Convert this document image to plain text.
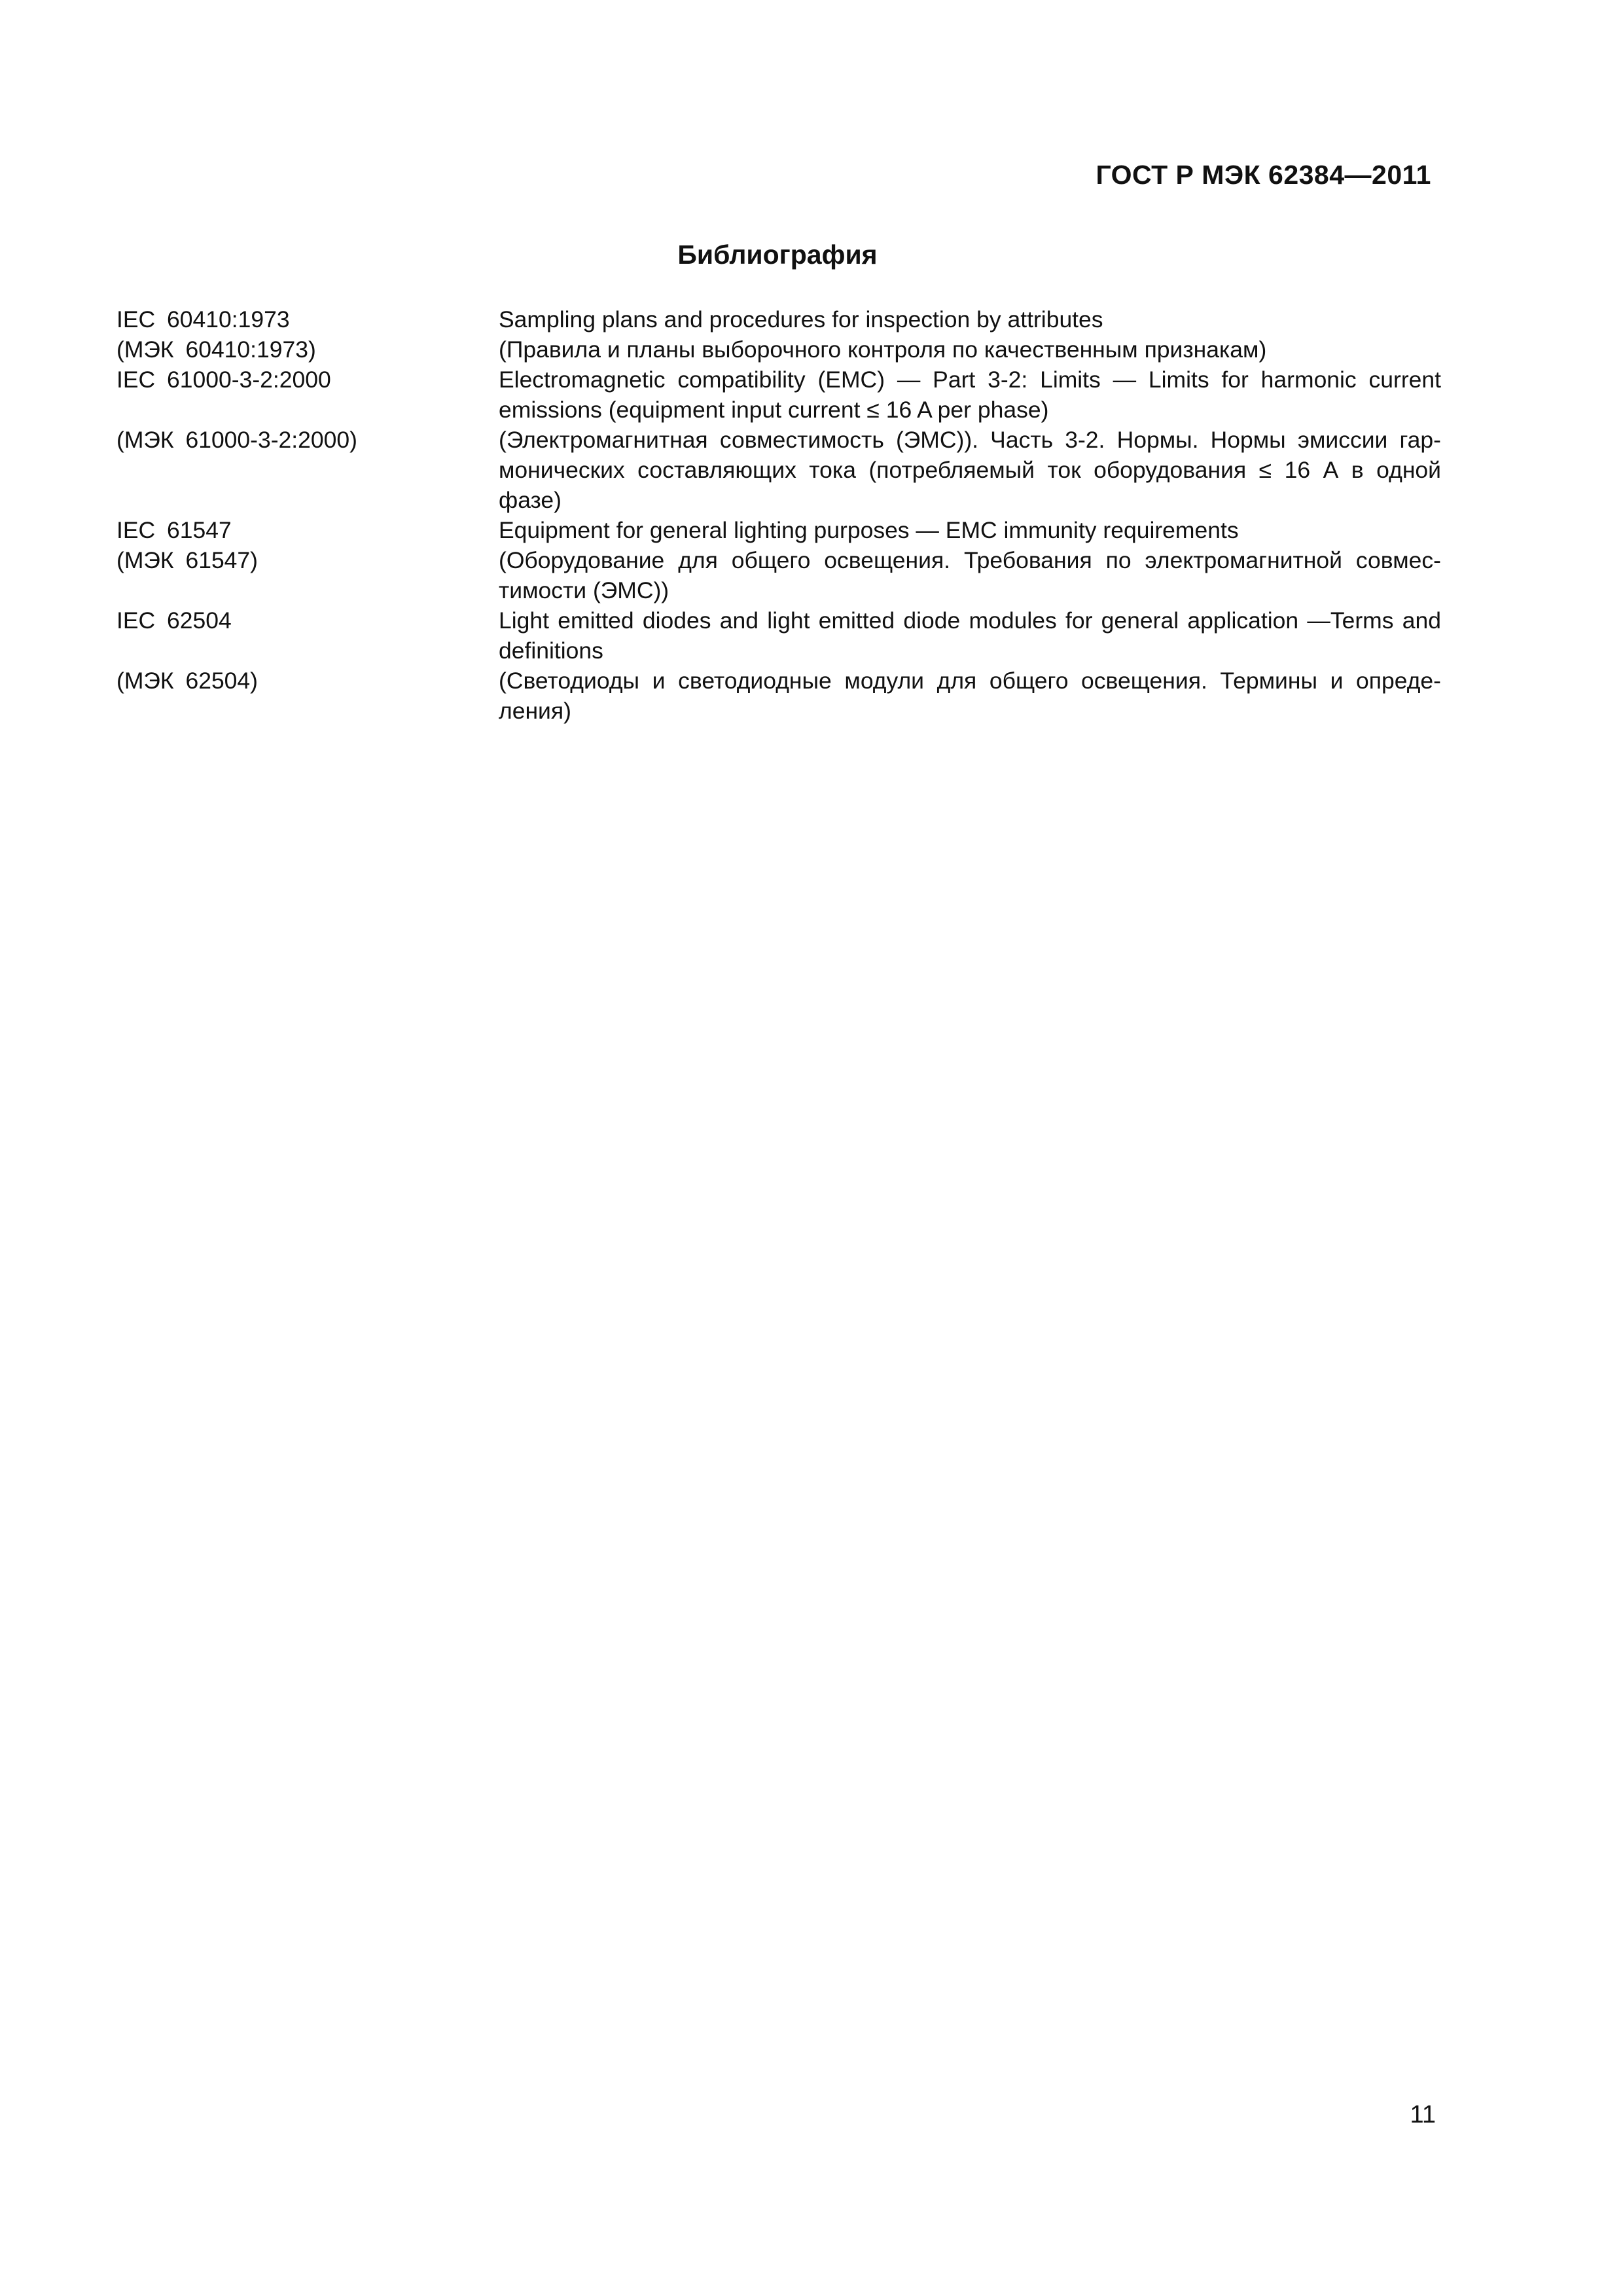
ГОСТ Р МЭК 62384—2011
Библиография
IEC 60410:1973	Sampling plans and procedures for inspection by attributes
(МЭК 60410:1973)	(Правила и планы выборочного контроля по качественным признакам)
IEC 61000-3-2:2000	Electromagnetic compatibility (EMC) — Part 3-2: Limits — Limits for harmonic current emissions (equipment input current ≤ 16 A per phase)
(МЭК 61000-3-2:2000)	(Электромагнитная совместимость (ЭМС)). Часть 3-2. Нормы. Нормы эмиссии гармонических составляющих тока (потребляемый ток оборудования ≤ 16 А в одной фазе)
IEC 61547	Equipment for general lighting purposes — EMC immunity requirements
(МЭК 61547)	(Оборудование для общего освещения. Требования по электромагнитной совместимости (ЭМС))
IEC 62504	Light emitted diodes and light emitted diode modules for general application —Terms and definitions
(МЭК 62504)	(Светодиоды и светодиодные модули для общего освещения. Термины и определения)
11
